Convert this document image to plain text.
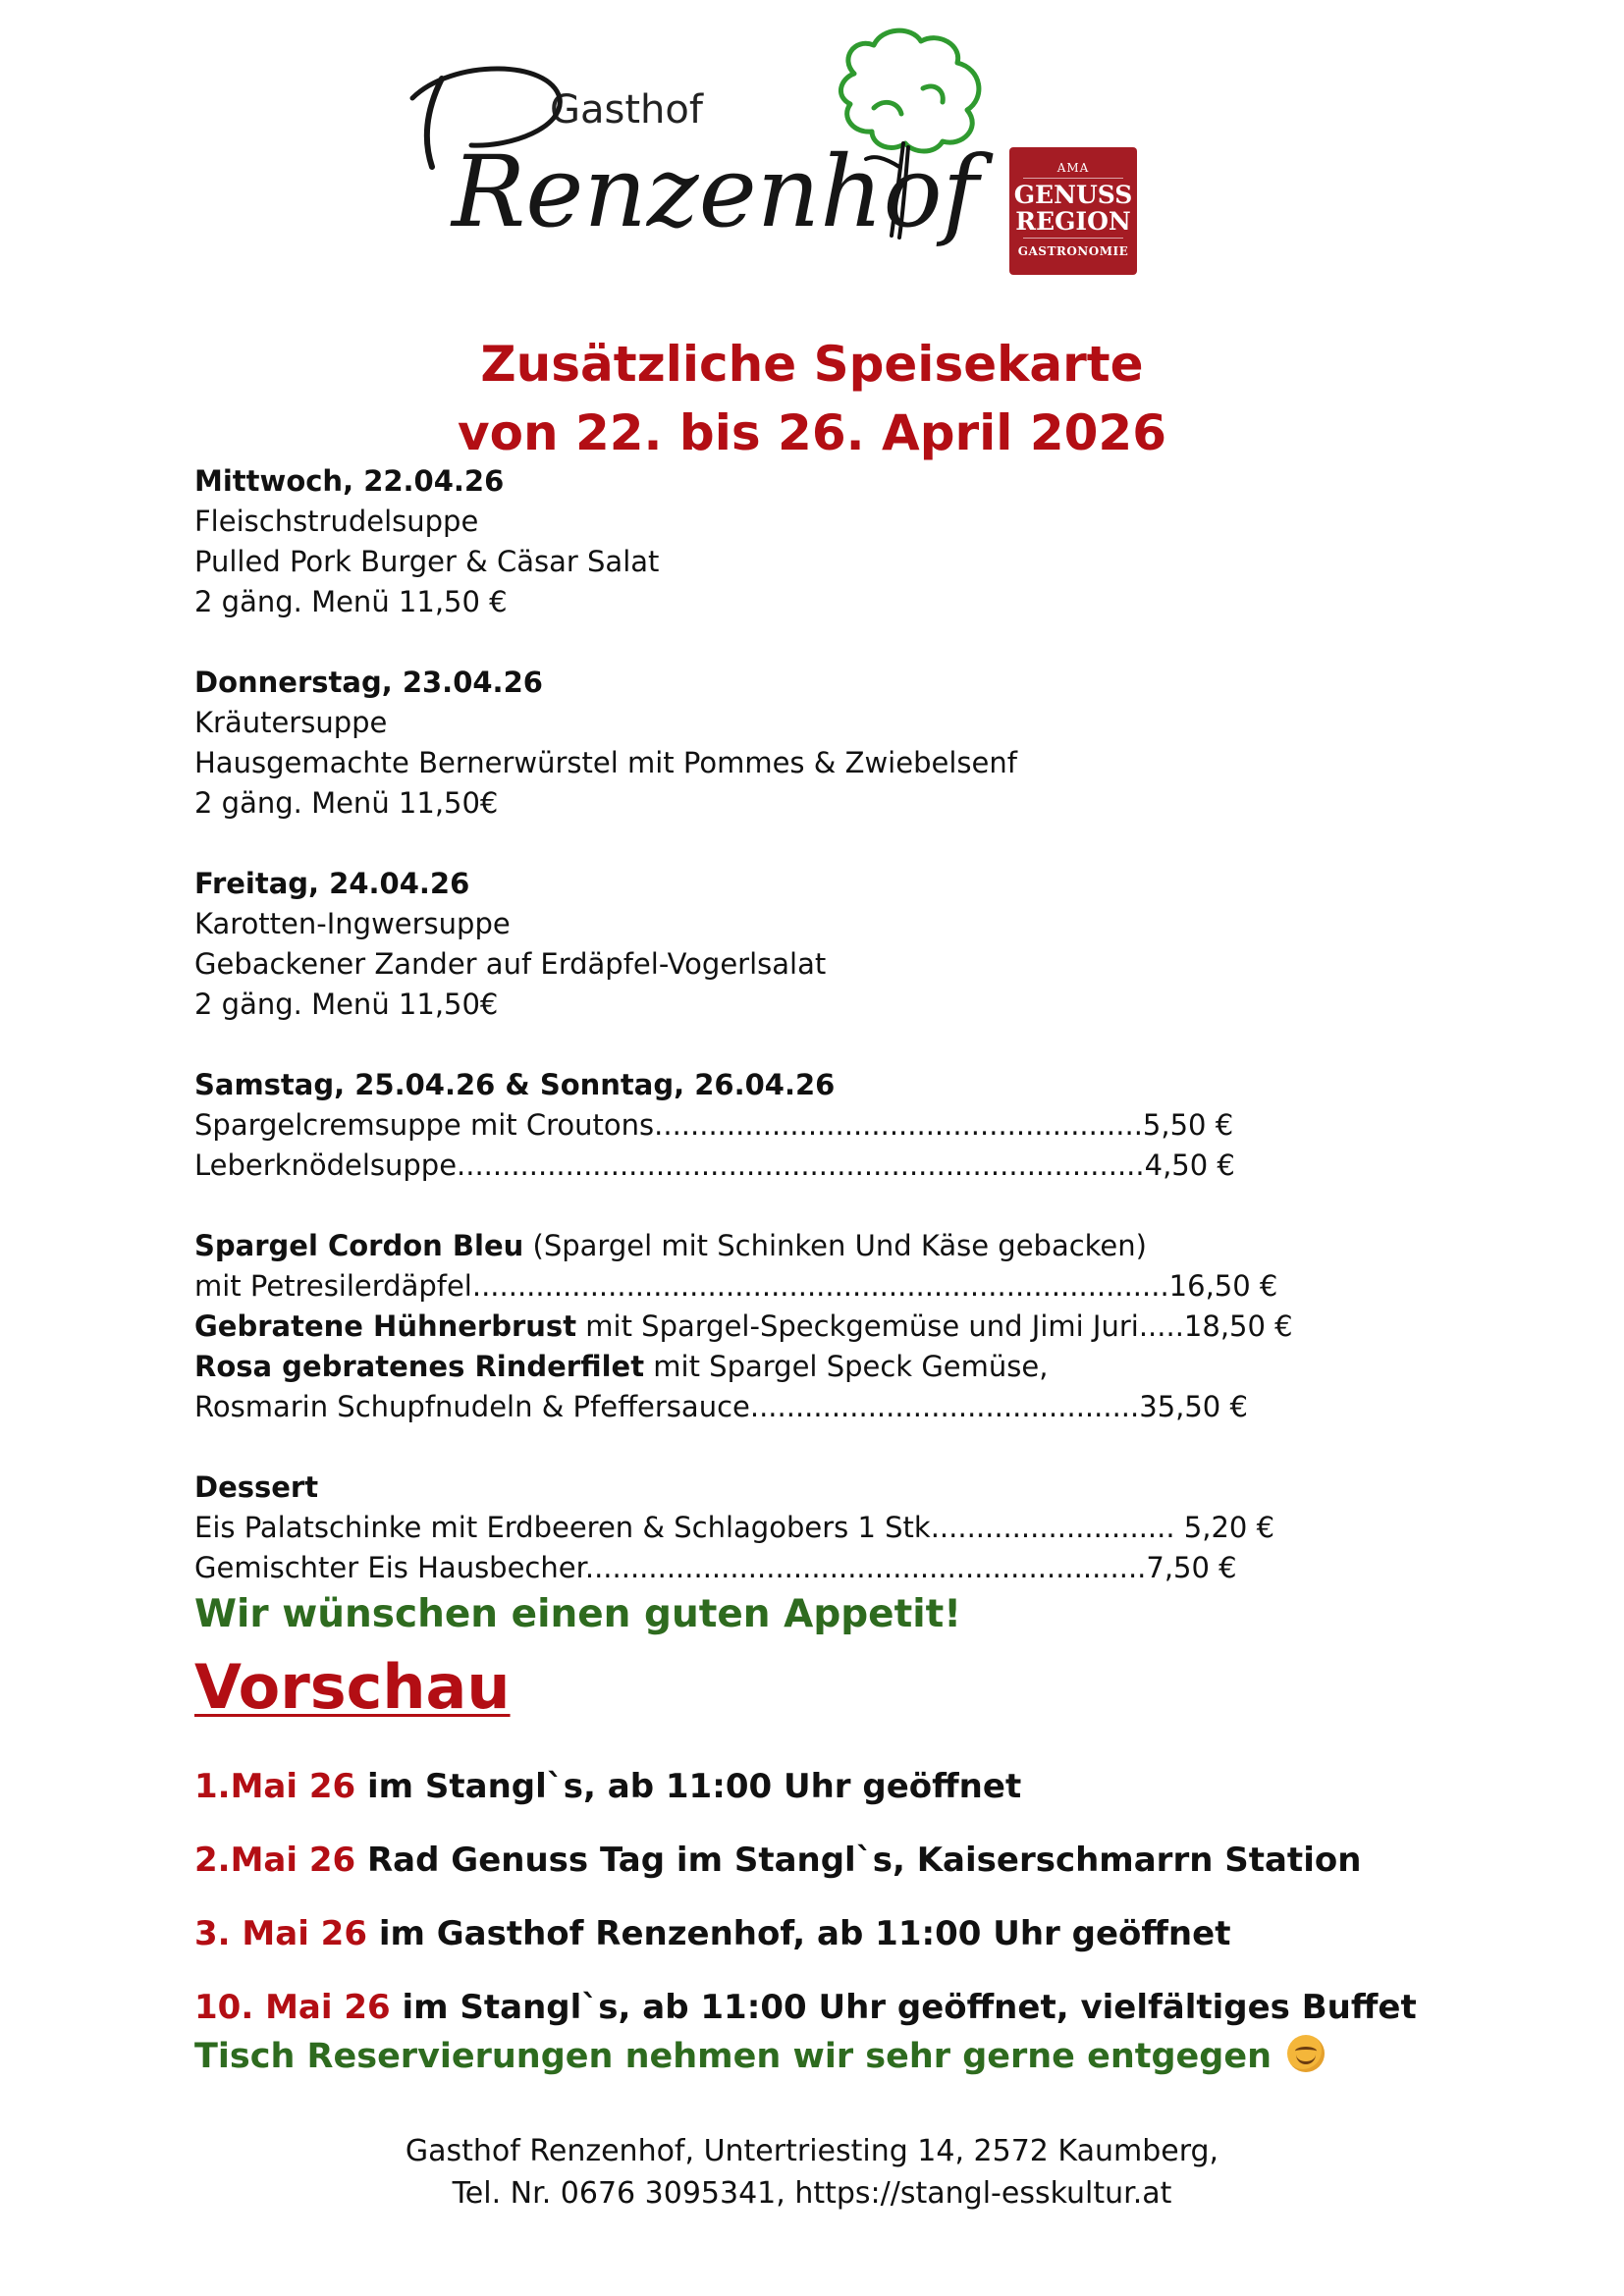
Gasthof
Renzenhof	AMA
GENUSS
REGION
GASTRONOMIE
Zusätzliche Speisekarte
von 22. bis 26. April 2026
Mittwoch, 22.04.26
Fleischstrudelsuppe
Pulled Pork Burger & Cäsar Salat
2 gäng. Menü 11,50 €
Donnerstag, 23.04.26
Kräutersuppe
Hausgemachte Bernerwürstel mit Pommes & Zwiebelsenf
2 gäng. Menü 11,50€
Freitag, 24.04.26
Karotten-Ingwersuppe
Gebackener Zander auf Erdäpfel-Vogerlsalat
2 gäng. Menü 11,50€
Samstag, 25.04.26 & Sonntag, 26.04.26
Spargelcremsuppe mit Croutons......................................................5,50 €
Leberknödelsuppe............................................................................4,50 €
Spargel Cordon Bleu (Spargel mit Schinken Und Käse gebacken)
mit Petresilerdäpfel.............................................................................16,50 €
Gebratene Hühnerbrust mit Spargel-Speckgemüse und Jimi Juri.....18,50 €
Rosa gebratenes Rinderfilet mit Spargel Speck Gemüse,
Rosmarin Schupfnudeln & Pfeffersauce...........................................35,50 €
Dessert
Eis Palatschinke mit Erdbeeren & Schlagobers 1 Stk........................... 5,20 €
Gemischter Eis Hausbecher..............................................................7,50 €
Wir wünschen einen guten Appetit!
Vorschau
1.Mai 26 im Stangl`s, ab 11:00 Uhr geöffnet
2.Mai 26 Rad Genuss Tag im Stangl`s, Kaiserschmarrn Station
3. Mai 26 im Gasthof Renzenhof, ab 11:00 Uhr geöffnet
10. Mai 26 im Stangl`s, ab 11:00 Uhr geöffnet, vielfältiges Buffet
Tisch Reservierungen nehmen wir sehr gerne entgegen
Gasthof Renzenhof, Untertriesting 14, 2572 Kaumberg,
Tel. Nr. 0676 3095341, https://stangl-esskultur.at
